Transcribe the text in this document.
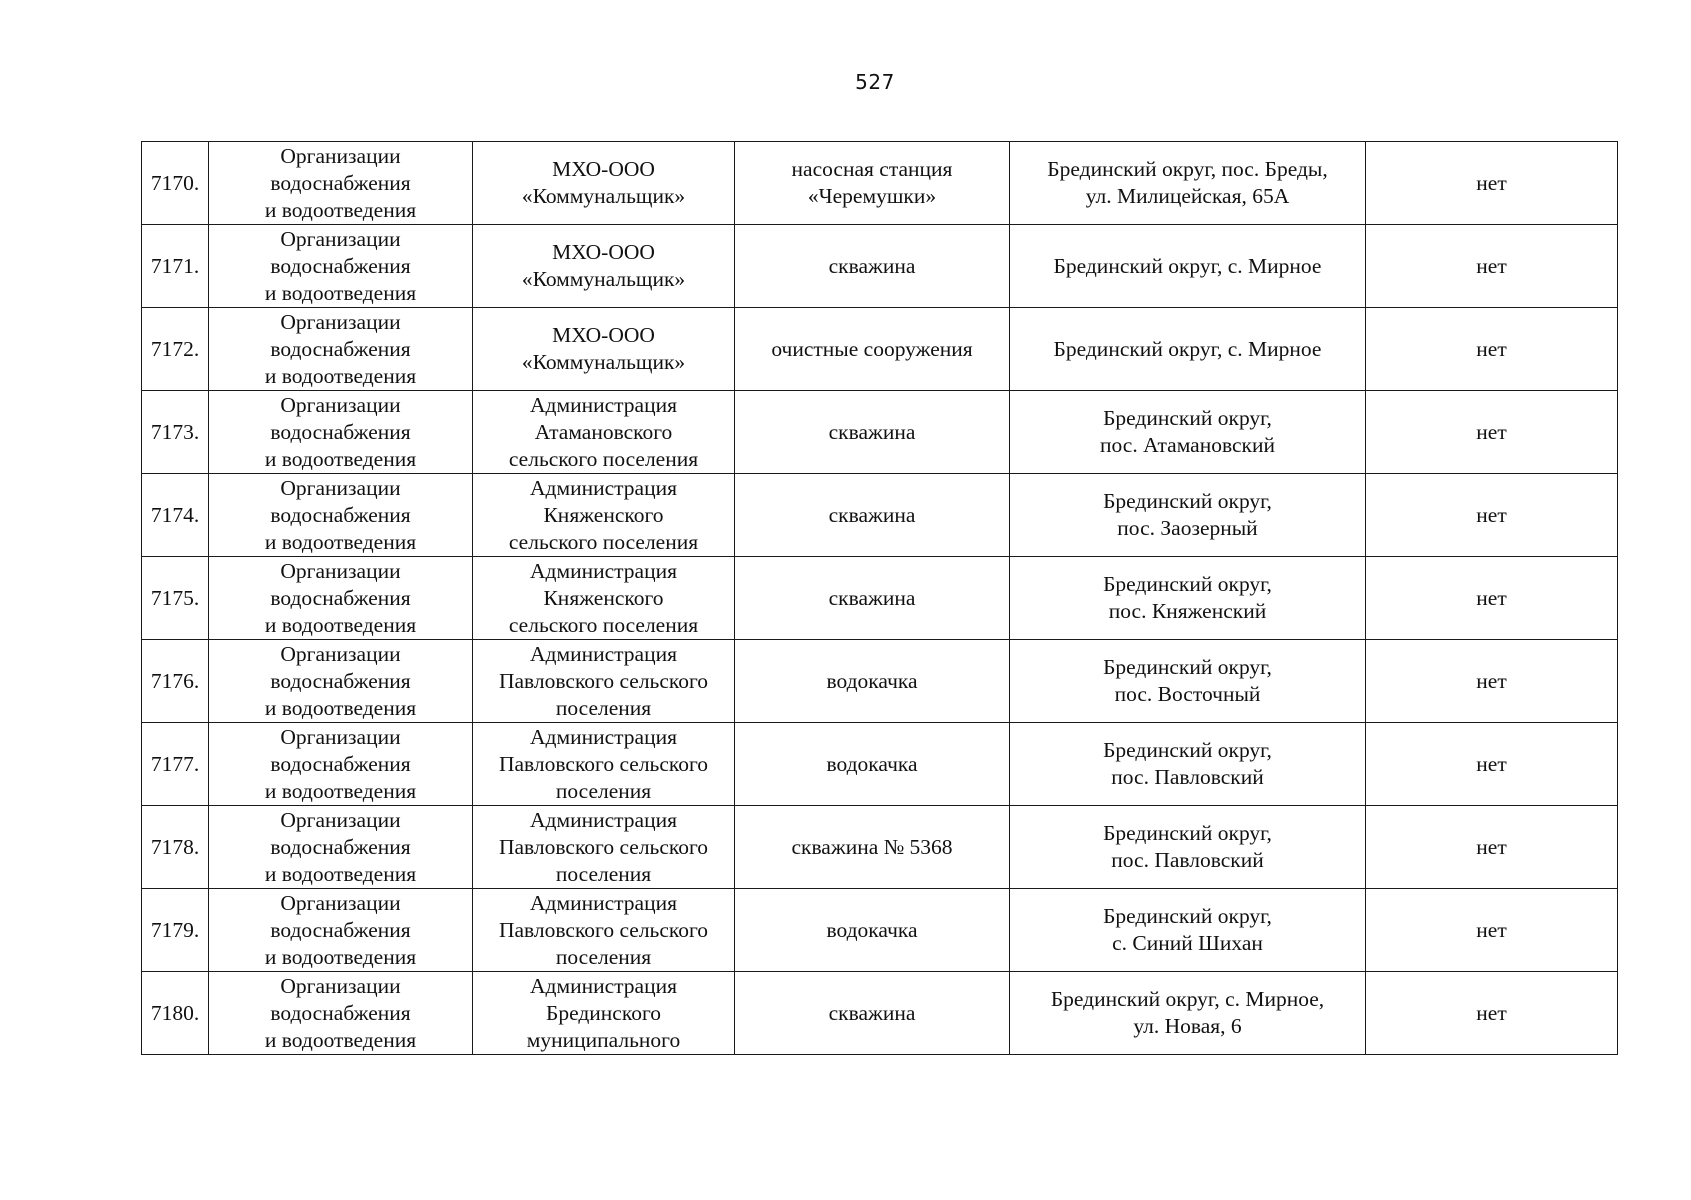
527
7170.	Организации
водоснабжения
и водоотведения	МХО-ООО
«Коммунальщик»	насосная станция
«Черемушки»	Брединский округ, пос. Бреды,
ул. Милицейская, 65А	нет

7171.	Организации
водоснабжения
и водоотведения	МХО-ООО
«Коммунальщик»	скважина	Брединский округ, с. Мирное	нет

7172.	Организации
водоснабжения
и водоотведения	МХО-ООО
«Коммунальщик»	очистные сооружения	Брединский округ, с. Мирное	нет

7173.	Организации
водоснабжения
и водоотведения	Администрация
Атамановского
сельского поселения	скважина	Брединский округ,
пос. Атамановский	нет

7174.	Организации
водоснабжения
и водоотведения	Администрация
Княженского
сельского поселения	скважина	Брединский округ,
пос. Заозерный	нет

7175.	Организации
водоснабжения
и водоотведения	Администрация
Княженского
сельского поселения	скважина	Брединский округ,
пос. Княженский	нет

7176.	Организации
водоснабжения
и водоотведения	Администрация
Павловского сельского
поселения	водокачка	Брединский округ,
пос. Восточный	нет

7177.	Организации
водоснабжения
и водоотведения	Администрация
Павловского сельского
поселения	водокачка	Брединский округ,
пос. Павловский	нет

7178.	Организации
водоснабжения
и водоотведения	Администрация
Павловского сельского
поселения	скважина № 5368	Брединский округ,
пос. Павловский	нет

7179.	Организации
водоснабжения
и водоотведения	Администрация
Павловского сельского
поселения	водокачка	Брединский округ,
с. Синий Шихан	нет

7180.	Организации
водоснабжения
и водоотведения	Администрация
Брединского
муниципального	скважина	Брединский округ, с. Мирное,
ул. Новая, 6	нет
